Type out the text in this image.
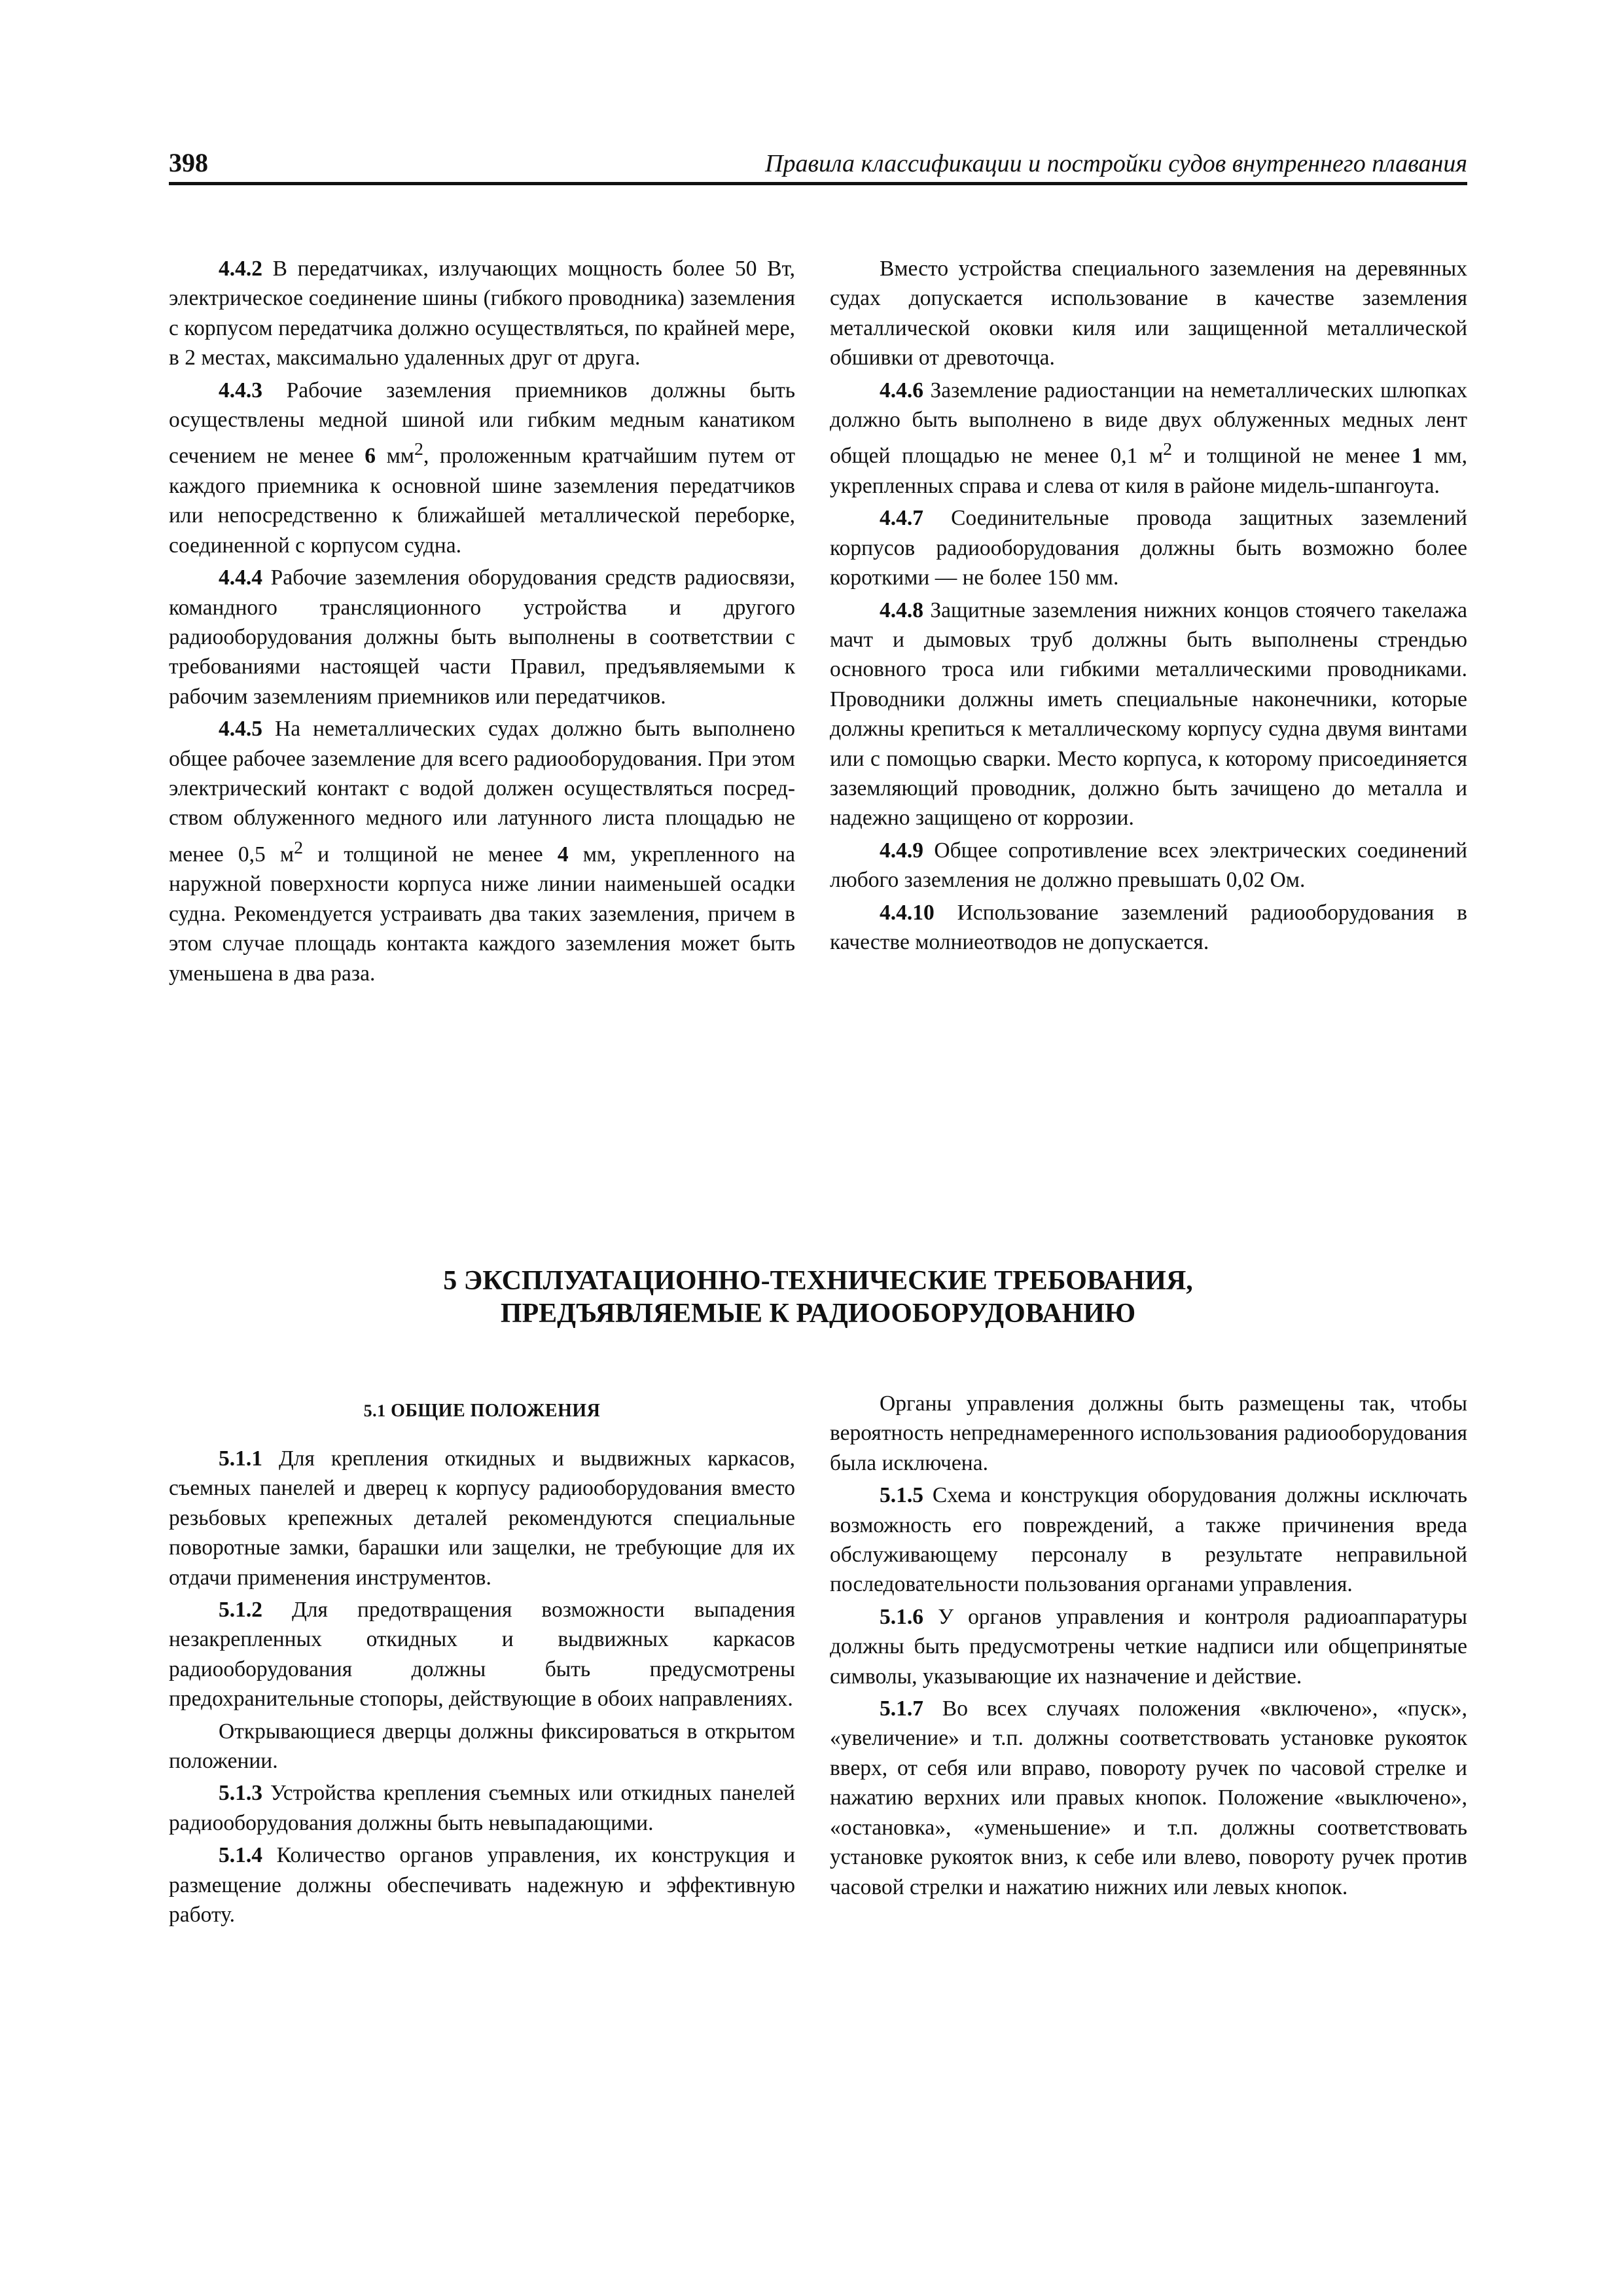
398	Правила классификации и постройки судов внутреннего плавания

4.4.2 В передатчиках, излучающих мощность более 50 Вт, электрическое соединение шины (гибкого проводника) заземления с корпусом передатчика должно осуществляться, по крайней мере, в 2 местах, максимально удаленных друг от друга.

4.4.3 Рабочие заземления приемников должны быть осуществлены медной шиной или гибким медным канатиком сечением не менее 6 $мм^2$, проложенным кратчайшим путем от каждого приемника к основной шине заземления передатчиков или непосредственно к ближайшей металлической переборке, соединенной с корпусом судна.

4.4.4 Рабочие заземления оборудования средств радиосвязи, командного трансляционного устройства и другого радиооборудования должны быть выполнены в соответствии с требованиями настоящей части Правил, предъявляемыми к рабочим заземлениям приемников или передатчиков.

4.4.5 На неметаллических судах должно быть выполнено общее рабочее заземление для всего радиооборудования. При этом электрический контакт с водой должен осуществляться посредством облуженного медного или латунного листа площадью не менее 0,5 $м^2$ и толщиной не менее 4 мм, укрепленного на наружной поверхности корпуса ниже линии наименьшей осадки судна. Рекомендуется устраивать два таких заземления, причем в этом случае площадь контакта каждого заземления может быть уменьшена в два раза.

Вместо устройства специального заземления на деревянных судах допускается использование в качестве заземления металлической оковки киля или защищенной металлической обшивки от древоточца.

4.4.6 Заземление радиостанции на неметаллических шлюпках должно быть выполнено в виде двух облуженных медных лент общей площадью не менее 0,1 $м^2$ и толщиной не менее 1 мм, укрепленных справа и слева от киля в районе мидель-шпангоута.

4.4.7 Соединительные провода защитных заземлений корпусов радиооборудования должны быть возможно более короткими — не более 150 мм.

4.4.8 Защитные заземления нижних концов стоячего такелажа мачт и дымовых труб должны быть выполнены стрендью основного троса или гибкими металлическими проводниками. Проводники должны иметь специальные наконечники, которые должны крепиться к металлическому корпусу судна двумя винтами или с помощью сварки. Место корпуса, к которому присоединяется заземляющий проводник, должно быть зачищено до металла и надежно защищено от коррозии.

4.4.9 Общее сопротивление всех электрических соединений любого заземления не должно превышать 0,02 Ом.

4.4.10 Использование заземлений радиооборудования в качестве молниеотводов не допускается.

5 ЭКСПЛУАТАЦИОННО-ТЕХНИЧЕСКИЕ ТРЕБОВАНИЯ,
ПРЕДЪЯВЛЯЕМЫЕ К РАДИООБОРУДОВАНИЮ

5.1 ОБЩИЕ ПОЛОЖЕНИЯ

5.1.1 Для крепления откидных и выдвижных каркасов, съемных панелей и дверец к корпусу радиооборудования вместо резьбовых крепежных деталей рекомендуются специальные поворотные замки, барашки или защелки, не требующие для их отдачи применения инструментов.

5.1.2 Для предотвращения возможности выпадения незакрепленных откидных и выдвижных каркасов радиооборудования должны быть предусмотрены предохранительные стопоры, действующие в обоих направлениях.

Открывающиеся дверцы должны фиксироваться в открытом положении.

5.1.3 Устройства крепления съемных или откидных панелей радиооборудования должны быть невыпадающими.

5.1.4 Количество органов управления, их конструкция и размещение должны обеспечивать надежную и эффективную работу.

Органы управления должны быть размещены так, чтобы вероятность непреднамеренного использования радиооборудования была исключена.

5.1.5 Схема и конструкция оборудования должны исключать возможность его повреждений, а также причинения вреда обслуживающему персоналу в результате неправильной последовательности пользования органами управления.

5.1.6 У органов управления и контроля радиоаппаратуры должны быть предусмотрены четкие надписи или общепринятые символы, указывающие их назначение и действие.

5.1.7 Во всех случаях положения «включено», «пуск», «увеличение» и т.п. должны соответствовать установке рукояток вверх, от себя или вправо, повороту ручек по часовой стрелке и нажатию верхних или правых кнопок. Положение «выключено», «остановка», «уменьшение» и т.п. должны соответствовать установке рукояток вниз, к себе или влево, повороту ручек против часовой стрелки и нажатию нижних или левых кнопок.
